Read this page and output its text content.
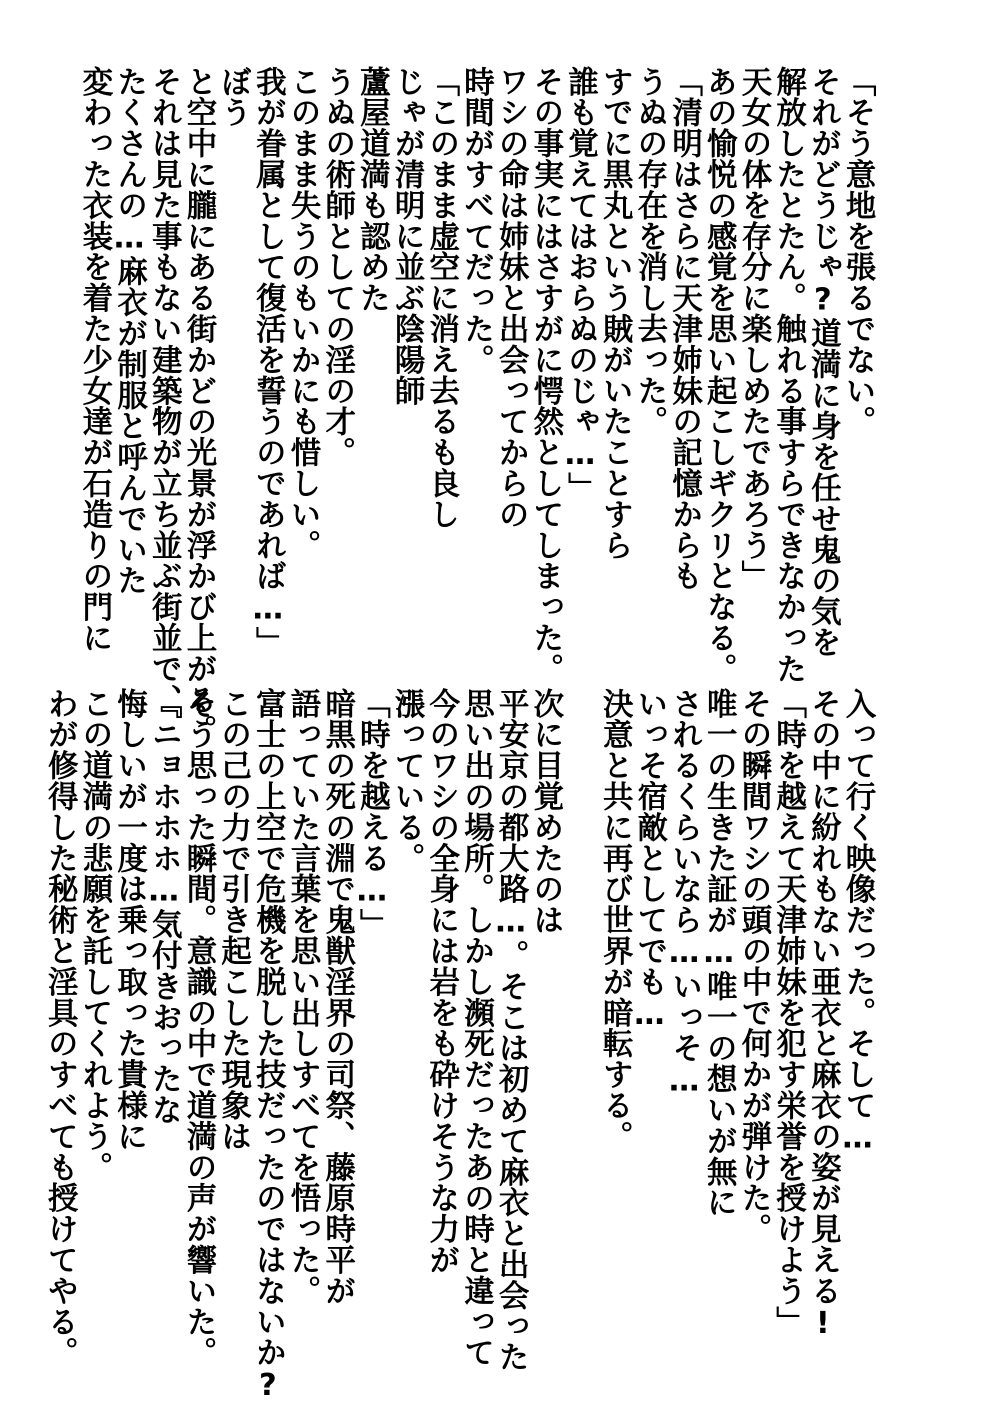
「そう意地を張るでない。
それがどうじゃ?道満に身を任せ鬼の気を
解放したとたん。触れる事すらできなかった
天女の体を存分に楽しめたであろう」
あの愉悦の感覚を思い起こしギクリとなる。
「清明はさらに天津姉妹の記憶からも
うぬの存在を消し去った。
すでに黒丸という賊がいたことすら
誰も覚えてはおらぬのじゃ…」
その事実にはさすがに愕然としてしまった。
ワシの命は姉妹と出会ってからの
時間がすべてだった。
「このまま虚空に消え去るも良し
じゃが清明に並ぶ陰陽師
蘆屋道満も認めた
うぬの術師としての淫の才。
このまま失うのもいかにも惜しい。
我が眷属として復活を誓うのであれば…」
ぼう
と空中に朧にある街かどの光景が浮かび上がる。
それは見た事もない建築物が立ち並ぶ街並で、
たくさんの…麻衣が制服と呼んでいた
変わった衣装を着た少女達が石造りの門に
入って行く映像だった。そして…
その中に紛れもない亜衣と麻衣の姿が見える!
「時を越えて天津姉妹を犯す栄誉を授けよう」
その瞬間ワシの頭の中で何かが弾けた。
唯一の生きた証が…唯一の想いが無に
されるくらいなら…いっそ…
いっそ宿敵としてでも…
決意と共に再び世界が暗転する。
次に目覚めたのは
平安京の都大路…。そこは初めて麻衣と出会った
思い出の場所。しかし瀕死だったあの時と違って
今のワシの全身には岩をも砕けそうな力が
漲っている。
「時を越える…」
暗黒の死の淵で鬼獣淫界の司祭、藤原時平が
語っていた言葉を思い出しすべてを悟った。
富士の上空で危機を脱した技だったのではないか?
この己の力で引き起こした現象は
そう思った瞬間。意識の中で道満の声が響いた。
『ニョホホホ…気付きおったな
悔しいが一度は乗っ取った貴様に
この道満の悲願を託してくれよう。
わが修得した秘術と淫具のすべても授けてやる。
